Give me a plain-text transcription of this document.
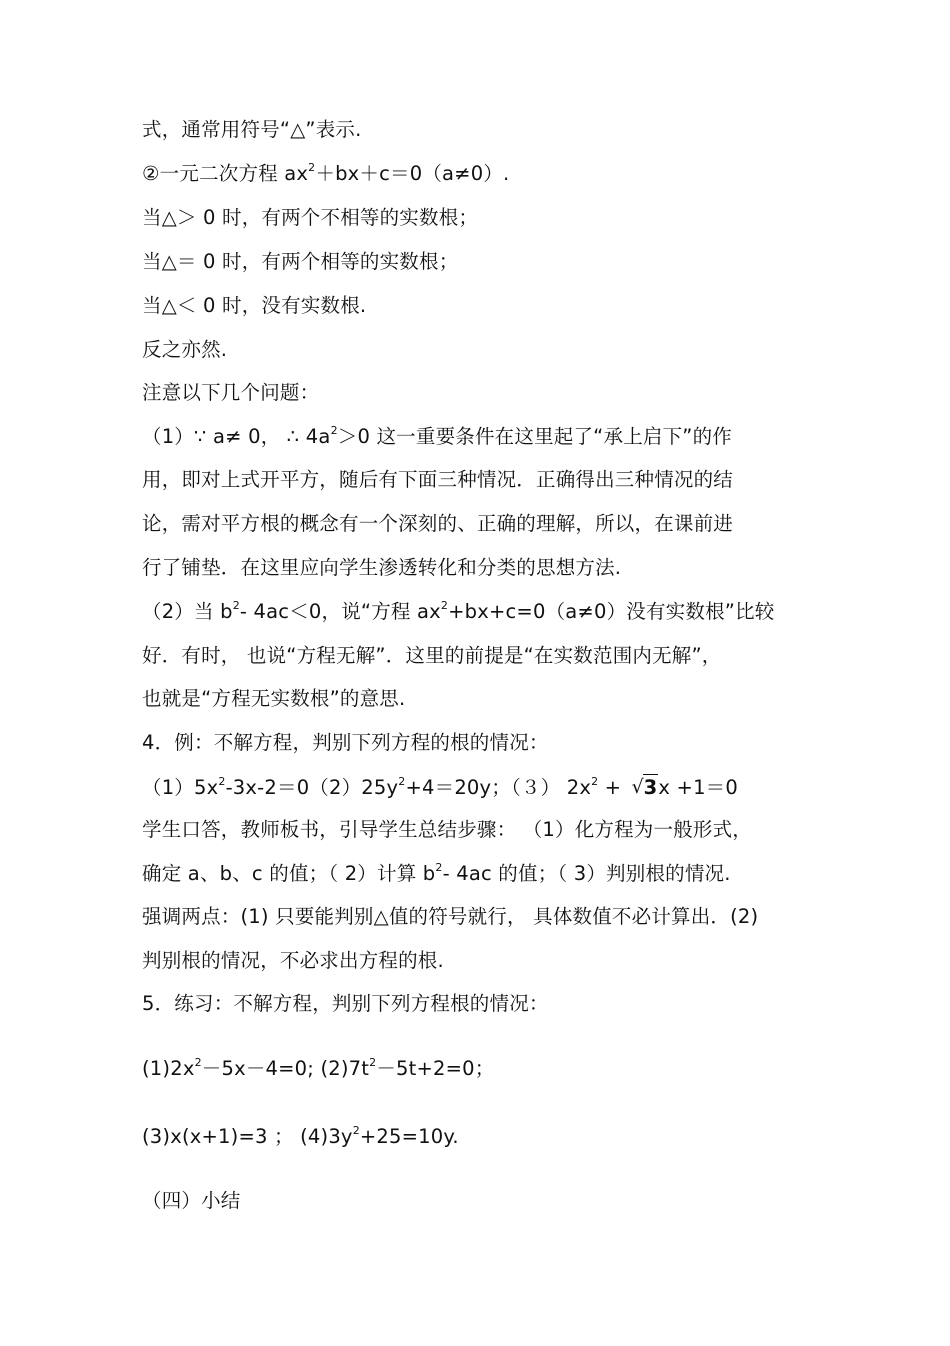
式，通常用符号“△”表示.
②一元二次方程 $ax^2+bx+c=0(a\ne 0)$.
当△＞ 0 时，有两个不相等的实数根；
当△＝ 0 时，有两个相等的实数根；
当△＜ 0 时，没有实数根.
反之亦然.
注意以下几个问题：
（1）∵ a≠ 0， ∴ $4a^2>0$ 这一重要条件在这里起了“承上启下”的作
用，即对上式开平方，随后有下面三种情况．正确得出三种情况的结
论，需对平方根的概念有一个深刻的、正确的理解，所以，在课前进
行了铺垫．在这里应向学生渗透转化和分类的思想方法.
（2）当 $b^2-$ 4ac＜0，说“方程 $ax^2+bx+c=0(a\ne 0)$没有实数根”比较
好．有时， 也说“方程无解”．这里的前提是“在实数范围内无解”，
也就是“方程无实数根”的意思.
4．例：不解方程，判别下列方程的根的情况：
$(1)5x^2-3x-2=0(2)25y^2+4=20y$；（３） $2x^2$ + √ 3x +1＝0
学生口答，教师板书，引导学生总结步骤： （1）化方程为一般形式，
确定 a、b、c 的值；（ 2）计算 $b^2-$ 4ac 的值；（ 3）判别根的情况.
强调两点：(1) 只要能判别△值的符号就行， 具体数值不必计算出．(2)
判别根的情况，不必求出方程的根.
5．练习：不解方程，判别下列方程根的情况：
$(1)2x^2-5x-4=0$; $(2)7t^2-5t+2=0$；
(3)x(x+1)=3 ； $(4)3y^2+25=10y$.
（四）小结
